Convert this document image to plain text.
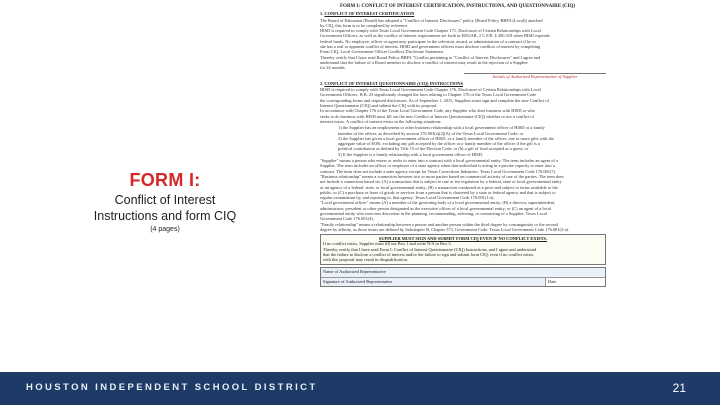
FORM I:
Conflict of Interest
Instructions and form CIQ
(4 pages)
FORM I: CONFLICT OF INTEREST CERTIFICATION, INSTRUCTIONS, AND QUESTIONNAIRE (CIQ)
1. CONFLICT OF INTEREST CERTIFICATION
The Board of Education (Board) has adopted a "Conflict of Interest Disclosures" policy (Board Policy BBFA (Local)) attached
by CIQ, this form is to be completed by reference.
HISD is required to comply with Texas Local Government Code Chapter 171, Disclosure of Certain Relationships with Local
Government Officers, as well as the conflict of interest requirements set forth in EDGAR, 2 C.F.R. § 200.318 when HISD expends
federal funds. No employee, officer or agent may participate in the selection, award, or administration of a contract if he or
she has a real or apparent conflict of interest. HISD and government officers must disclose conflicts of interest by completing
Form CIQ, Local Government Officer Conflicts Disclosure Statement.
Thereby certify that I have read Board Policy BBFA "Conflict pertaining to "Conflict of Interest Disclosures" and I agree and
understand that the failure of a Board member to disclose a conflict of interest may result in the rejection of a Supplier
for 24 months.
Initials of Authorized Representative of Supplier
2. CONFLICT OF INTEREST QUESTIONNAIRE (CIQ) INSTRUCTIONS
HISD is required to comply with Texas Local Government Code Chapter 176, Disclosure of Certain Relationships with Local
Government Officers. H.B. 23 significantly changed the laws relating to Chapter 176 of the Texas Local Government Code
the corresponding forms and required disclosures. As of September 1, 2015, Suppliers must sign and complete the new Conflict of
Interest Questionnaire (CIQ) and submit the CIQ with its proposal.
In accordance with Chapter 176 of the Texas Local Government Code, any Supplier who does business with HISD or who
seeks to do business with HISD must fill out the new Conflict of Interest Questionnaire (CIQ) whether or not a conflict of
interest exists. A conflict of interest exists in the following situations:
1) the Supplier has an employment or other business relationship with a local government officer of HISD or a family
member of the officer, as described by section 176.003(a)(2)(A) of the Texas Local Government Code; or
2) the Supplier has given a local government officer of HISD, or a family member of the officer, one or more gifts with the
aggregate value of $100, excluding any gift accepted by the officer or a family member of the officer if the gift is a
political contribution as defined by Title 15 of the Election Code, or (b) a gift of food accepted as a guest; or
3) If the Supplier is a family relationship with a local government officer of HISD.
"Supplier" means a person who enters or seeks to enter into a contract with a local governmental entity. The term includes an agent of a
Supplier. The term includes an officer or employee of a state agency when that individual is acting in a private capacity to enter into a
contract. The term does not include a state agency except for Texas Corrections Industries. Texas Local Government Code 176.001(7).
"Business relationship" means a connection between two or more parties based on commercial activity of one of the parties. The term does
not include a connection based on: (A) a transaction that is subject to rate or fee regulation by a federal, state or local governmental entity
or an agency of a federal, state, or local governmental entity; (B) a transaction conducted at a price and subject to terms available to the
public; or (C) a purchase or lease of goods or services from a person that is chartered by a state or federal agency and that is subject to
regular examination by, and reporting to, that agency. Texas Local Government Code 176.001(1-a).
"Local government officer" means (A) a member of the governing body of a local governmental entity; (B) a director, superintendent,
administrator, president or other person designated as the executive officer of a local governmental entity; or (C) an agent of a local
governmental entity who exercises discretion in the planning, recommending, selecting, or contracting of a Supplier. Texas Local
Government Code 176.001(4).
"Family relationship" means a relationship between a person and another person within the third degree by consanguinity or the second
degree by affinity, as those terms are defined by Subchapter B, Chapter 573, Government Code. Texas Local Government Code 176.001(2-a).
SUPPLIER MUST SIGN AND SUBMIT FORM CIQ EVEN IF NO CONFLICT EXISTS.
If no conflict exists, Supplier must fill out Box 1 and write N/A in Box 3.
Thereby certify that I have read Form I: Conflict of Interest Questionnaire (CIQ) Instructions, and I agree and understand
that the failure to disclose a conflict of interest and/or the failure to sign and submit form CIQ, even if no conflict exists,
with this proposal may result in disqualification.
Name of Authorized Representative
Signature of Authorized Representative	Date
HOUSTON INDEPENDENT SCHOOL DISTRICT	21
